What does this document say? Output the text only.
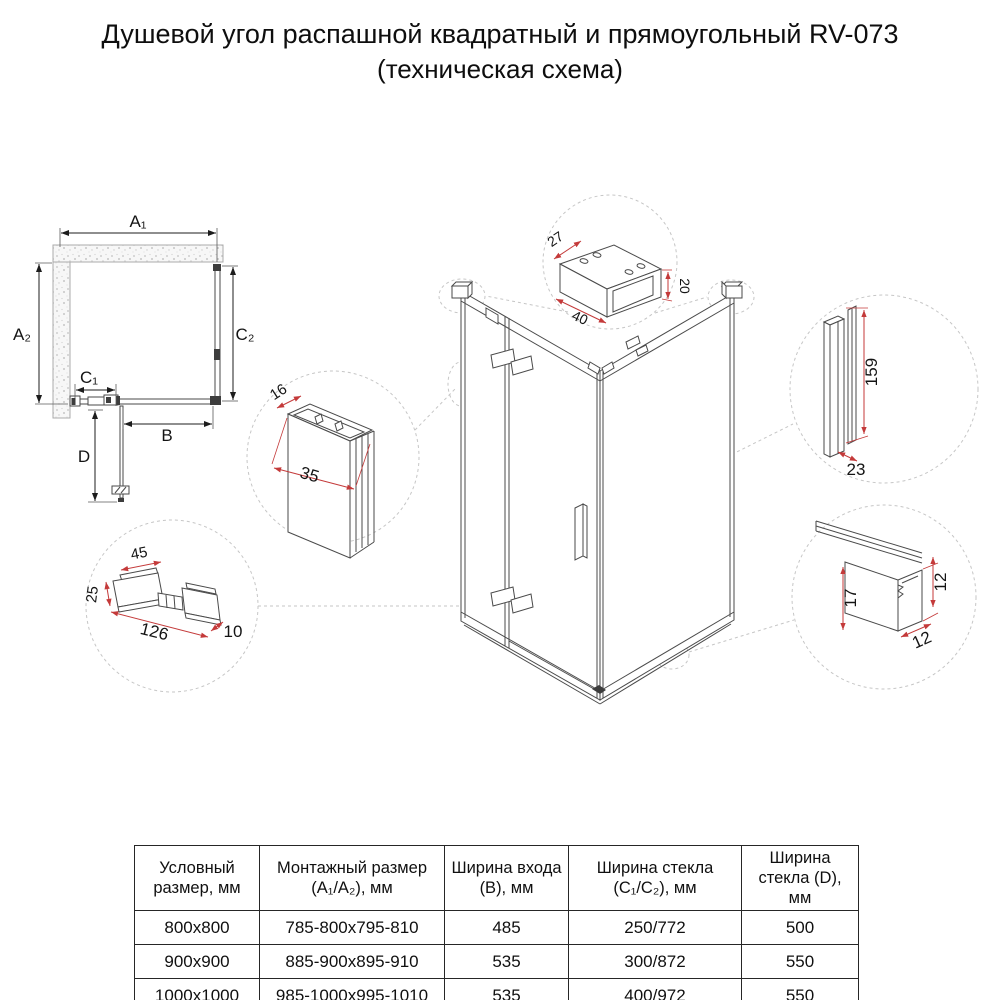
Душевой угол распашной квадратный и прямоугольный RV-073
(техническая схема)
A₁
A₂	C₂
C₁
B
D
27
20
40
16
35
45
25
126	10
159
23
17
12
12
Условный размер, мм	Монтажный размер (A₁/A₂), мм	Ширина входа (B), мм	Ширина стекла (C₁/C₂), мм	Ширина стекла (D), мм
800x800	785-800x795-810	485	250/772	500
900x900	885-900x895-910	535	300/872	550
1000x1000	985-1000x995-1010	535	400/972	550
